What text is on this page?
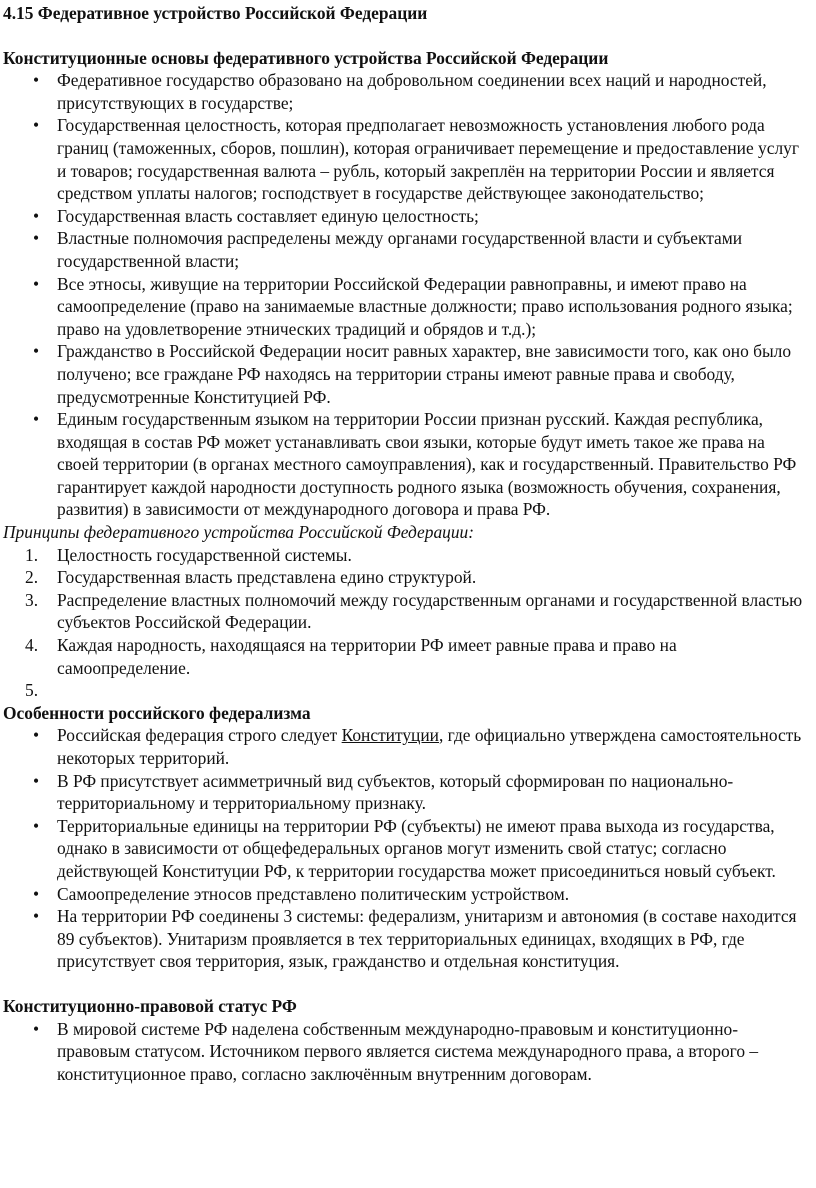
4.15 Федеративное устройство Российской Федерации

Конституционные основы федеративного устройства Российской Федерации

• Федеративное государство образовано на добровольном соединении всех наций и народностей, присутствующих в государстве;
• Государственная целостность, которая предполагает невозможность установления любого рода границ (таможенных, сборов, пошлин), которая ограничивает перемещение и предоставление услуг и товаров; государственная валюта – рубль, который закреплён на территории России и является средством уплаты налогов; господствует в государстве действующее законодательство;
• Государственная власть составляет единую целостность;
• Властные полномочия распределены между органами государственной власти и субъектами государственной власти;
• Все этносы, живущие на территории Российской Федерации равноправны, и имеют право на самоопределение (право на занимаемые властные должности; право использования родного языка; право на удовлетворение этнических традиций и обрядов и т.д.);
• Гражданство в Российской Федерации носит равных характер, вне зависимости того, как оно было получено; все граждане РФ находясь на территории страны имеют равные права и свободу, предусмотренные Конституцией РФ.
• Единым государственным языком на территории России признан русский. Каждая республика, входящая в состав РФ может устанавливать свои языки, которые будут иметь такое же права на своей территории (в органах местного самоуправления), как и государственный. Правительство РФ гарантирует каждой народности доступность родного языка (возможность обучения, сохранения, развития) в зависимости от международного договора и права РФ.

Принципы федеративного устройства Российской Федерации:

1.	Целостность государственной системы.
2.	Государственная власть представлена едино структурой.
3.	Распределение властных полномочий между государственным органами и государственной властью субъектов Российской Федерации.
4.	Каждая народность, находящаяся на территории РФ имеет равные права и право на самоопределение.
5.

Особенности российского федерализма

• Российская федерация строго следует Конституции, где официально утверждена самостоятельность некоторых территорий.
• В РФ присутствует асимметричный вид субъектов, который сформирован по национально-территориальному и территориальному признаку.
• Территориальные единицы на территории РФ (субъекты) не имеют права выхода из государства, однако в зависимости от общефедеральных органов могут изменить свой статус; согласно действующей Конституции РФ, к территории государства может присоединиться новый субъект.
• Самоопределение этносов представлено политическим устройством.
• На территории РФ соединены 3 системы: федерализм, унитаризм и автономия (в составе находится 89 субъектов). Унитаризм проявляется в тех территориальных единицах, входящих в РФ, где присутствует своя территория, язык, гражданство и отдельная конституция.

Конституционно-правовой статус РФ

• В мировой системе РФ наделена собственным международно-правовым и конституционно-правовым статусом. Источником первого является система международного права, а второго – конституционное право, согласно заключённым внутренним договорам.
